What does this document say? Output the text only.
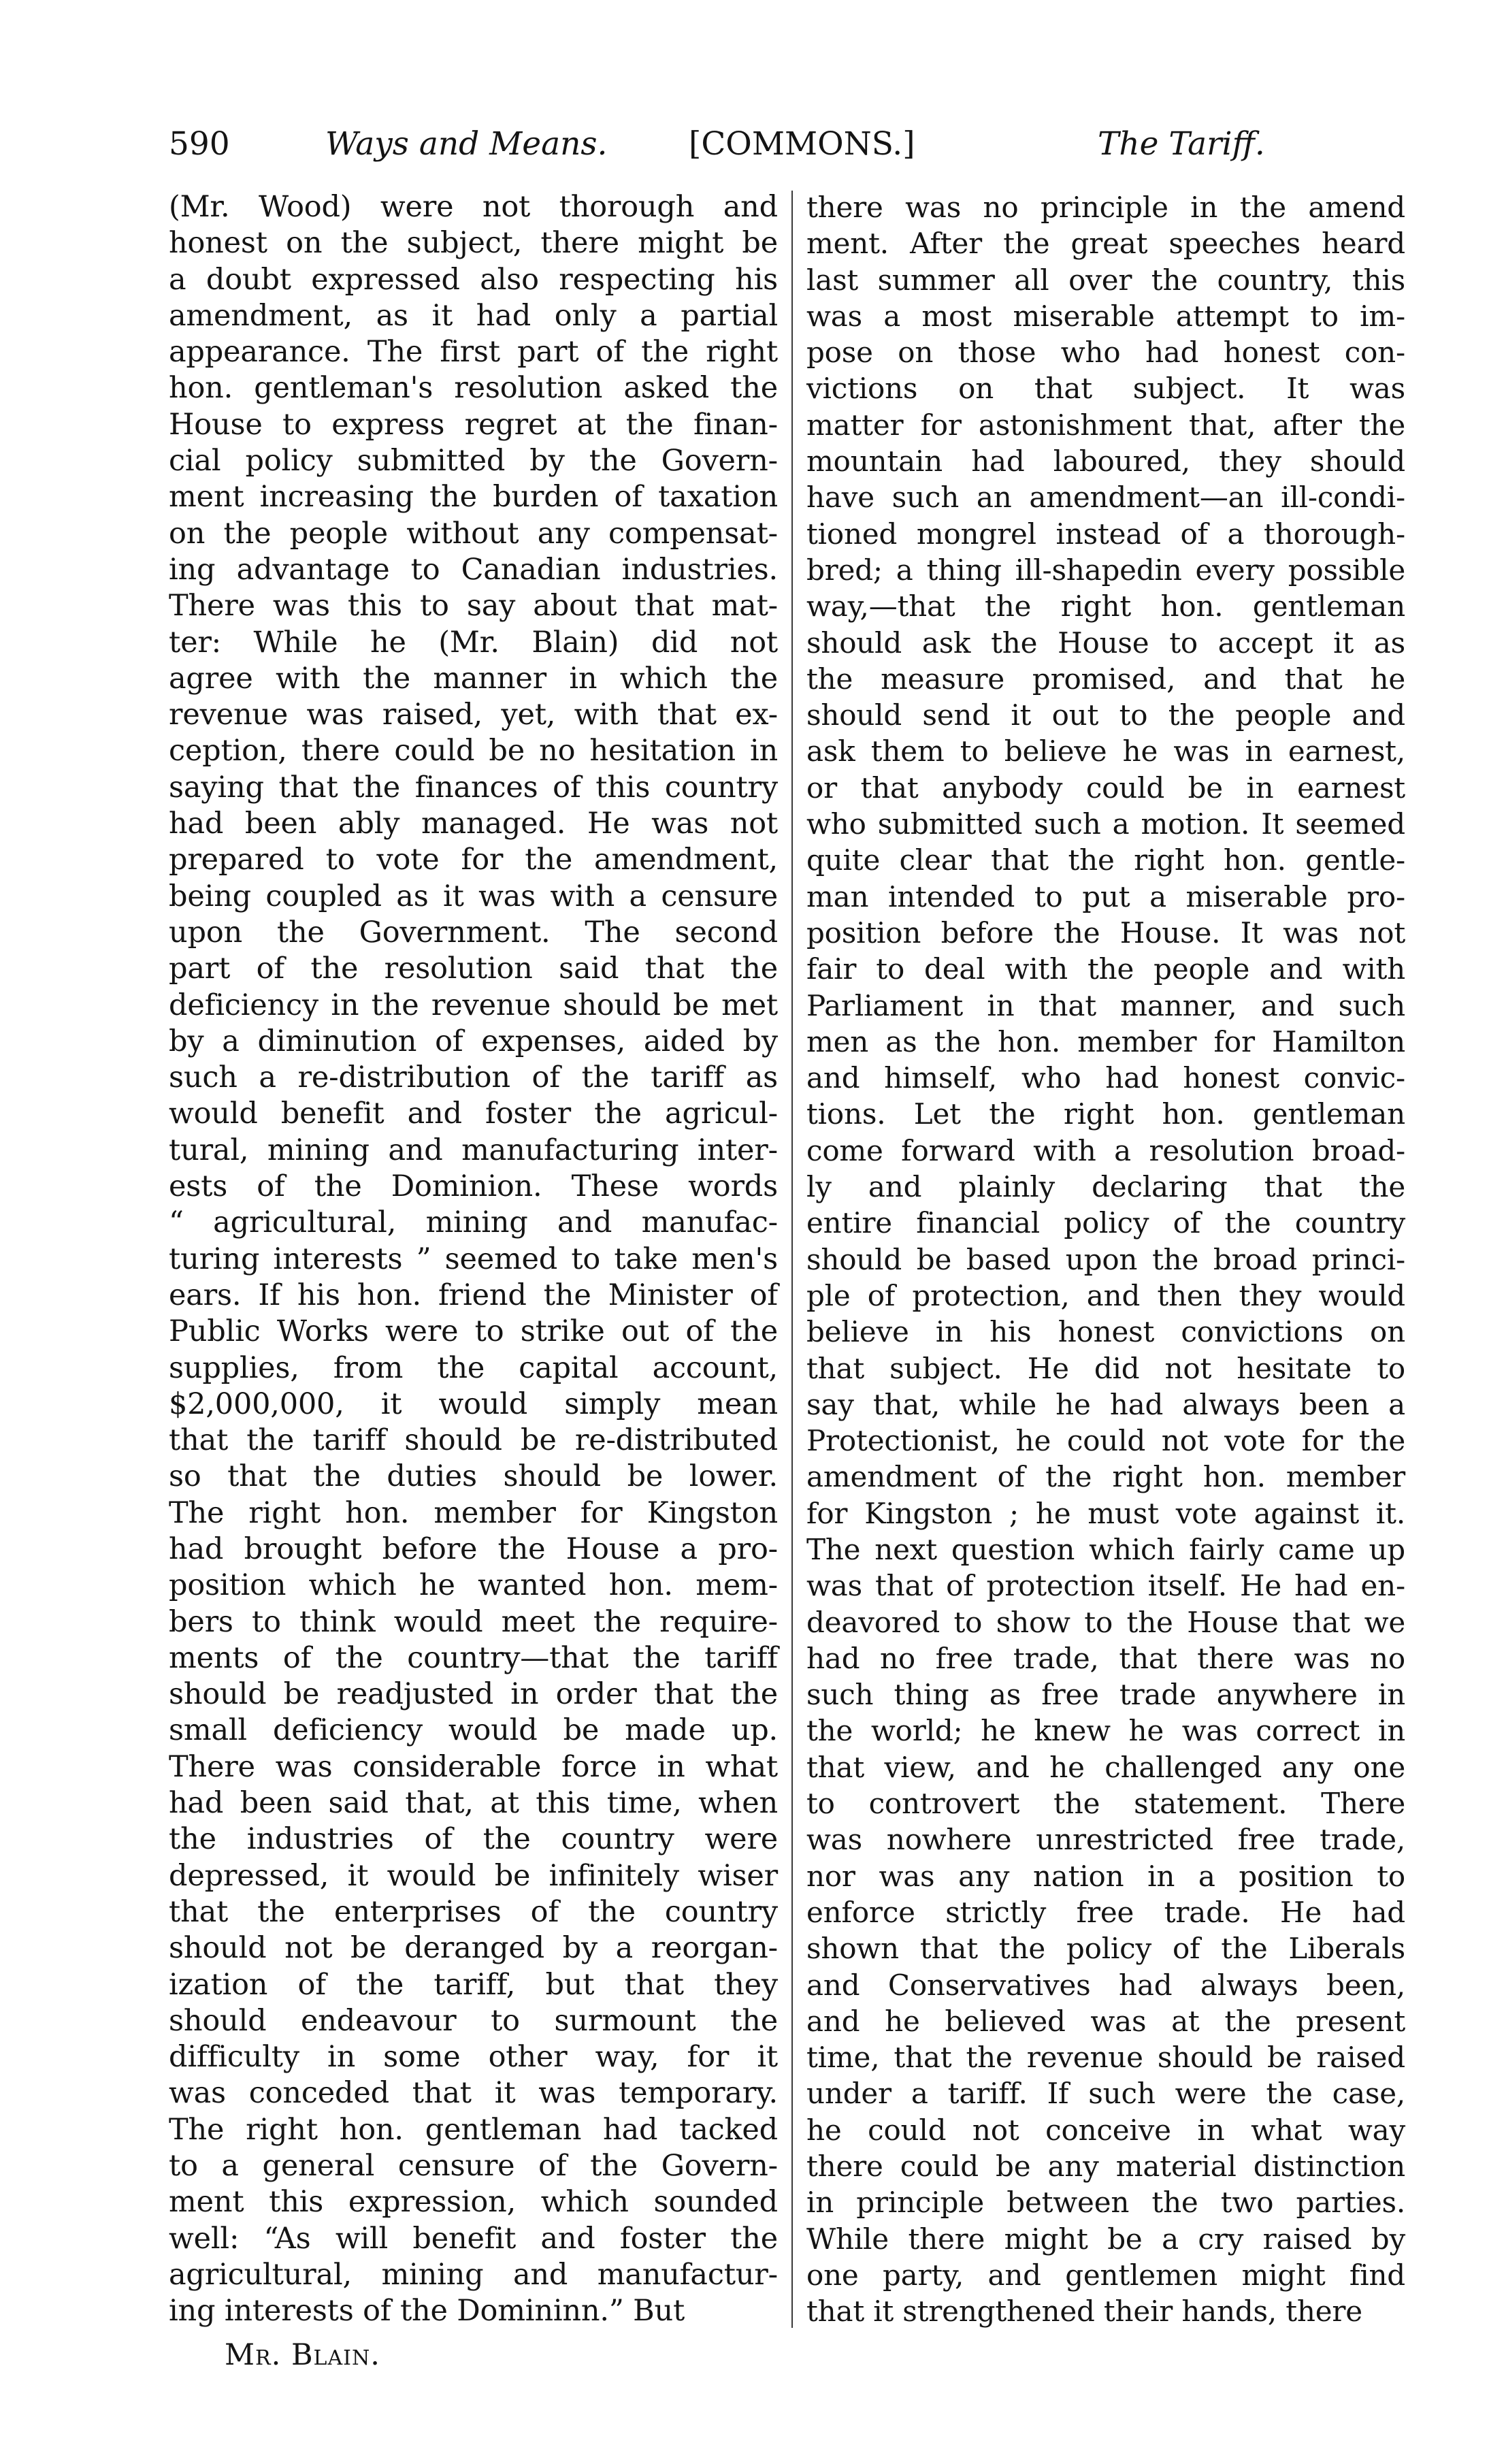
590	Ways and Means.	[COMMONS.]	The Tariff.
(Mr. Wood) were not thorough and
honest on the subject, there might be
a doubt expressed also respecting his
amendment, as it had only a partial
appearance. The first part of the right
hon. gentleman's resolution asked the
House to express regret at the finan-
cial policy submitted by the Govern-
ment increasing the burden of taxation
on the people without any compensat-
ing advantage to Canadian industries.
There was this to say about that mat-
ter: While he (Mr. Blain) did not
agree with the manner in which the
revenue was raised, yet, with that ex-
ception, there could be no hesitation in
saying that the finances of this country
had been ably managed. He was not
prepared to vote for the amendment,
being coupled as it was with a censure
upon the Government. The second
part of the resolution said that the
deficiency in the revenue should be met
by a diminution of expenses, aided by
such a re-distribution of the tariff as
would benefit and foster the agricul-
tural, mining and manufacturing inter-
ests of the Dominion. These words
“ agricultural, mining and manufac-
turing interests ” seemed to take men's
ears. If his hon. friend the Minister of
Public Works were to strike out of the
supplies, from the capital account,
$2,000,000, it would simply mean
that the tariff should be re-distributed
so that the duties should be lower.
The right hon. member for Kingston
had brought before the House a pro-
position which he wanted hon. mem-
bers to think would meet the require-
ments of the country—that the tariff
should be readjusted in order that the
small deficiency would be made up.
There was considerable force in what
had been said that, at this time, when
the industries of the country were
depressed, it would be infinitely wiser
that the enterprises of the country
should not be deranged by a reorgan-
ization of the tariff, but that they
should endeavour to surmount the
difficulty in some other way, for it
was conceded that it was temporary.
The right hon. gentleman had tacked
to a general censure of the Govern-
ment this expression, which sounded
well: “As will benefit and foster the
agricultural, mining and manufactur-
ing interests of the Domininn.” But
there was no principle in the amend
ment. After the great speeches heard
last summer all over the country, this
was a most miserable attempt to im-
pose on those who had honest con-
victions on that subject. It was
matter for astonishment that, after the
mountain had laboured, they should
have such an amendment—an ill-condi-
tioned mongrel instead of a thorough-
bred; a thing ill-shapedin every possible
way,—that the right hon. gentleman
should ask the House to accept it as
the measure promised, and that he
should send it out to the people and
ask them to believe he was in earnest,
or that anybody could be in earnest
who submitted such a motion. It seemed
quite clear that the right hon. gentle-
man intended to put a miserable pro-
position before the House. It was not
fair to deal with the people and with
Parliament in that manner, and such
men as the hon. member for Hamilton
and himself, who had honest convic-
tions. Let the right hon. gentleman
come forward with a resolution broad-
ly and plainly declaring that the
entire financial policy of the country
should be based upon the broad princi-
ple of protection, and then they would
believe in his honest convictions on
that subject. He did not hesitate to
say that, while he had always been a
Protectionist, he could not vote for the
amendment of the right hon. member
for Kingston ; he must vote against it.
The next question which fairly came up
was that of protection itself. He had en-
deavored to show to the House that we
had no free trade, that there was no
such thing as free trade anywhere in
the world; he knew he was correct in
that view, and he challenged any one
to controvert the statement. There
was nowhere unrestricted free trade,
nor was any nation in a position to
enforce strictly free trade. He had
shown that the policy of the Liberals
and Conservatives had always been,
and he believed was at the present
time, that the revenue should be raised
under a tariff. If such were the case,
he could not conceive in what way
there could be any material distinction
in principle between the two parties.
While there might be a cry raised by
one party, and gentlemen might find
that it strengthened their hands, there
Mr. Blain.
